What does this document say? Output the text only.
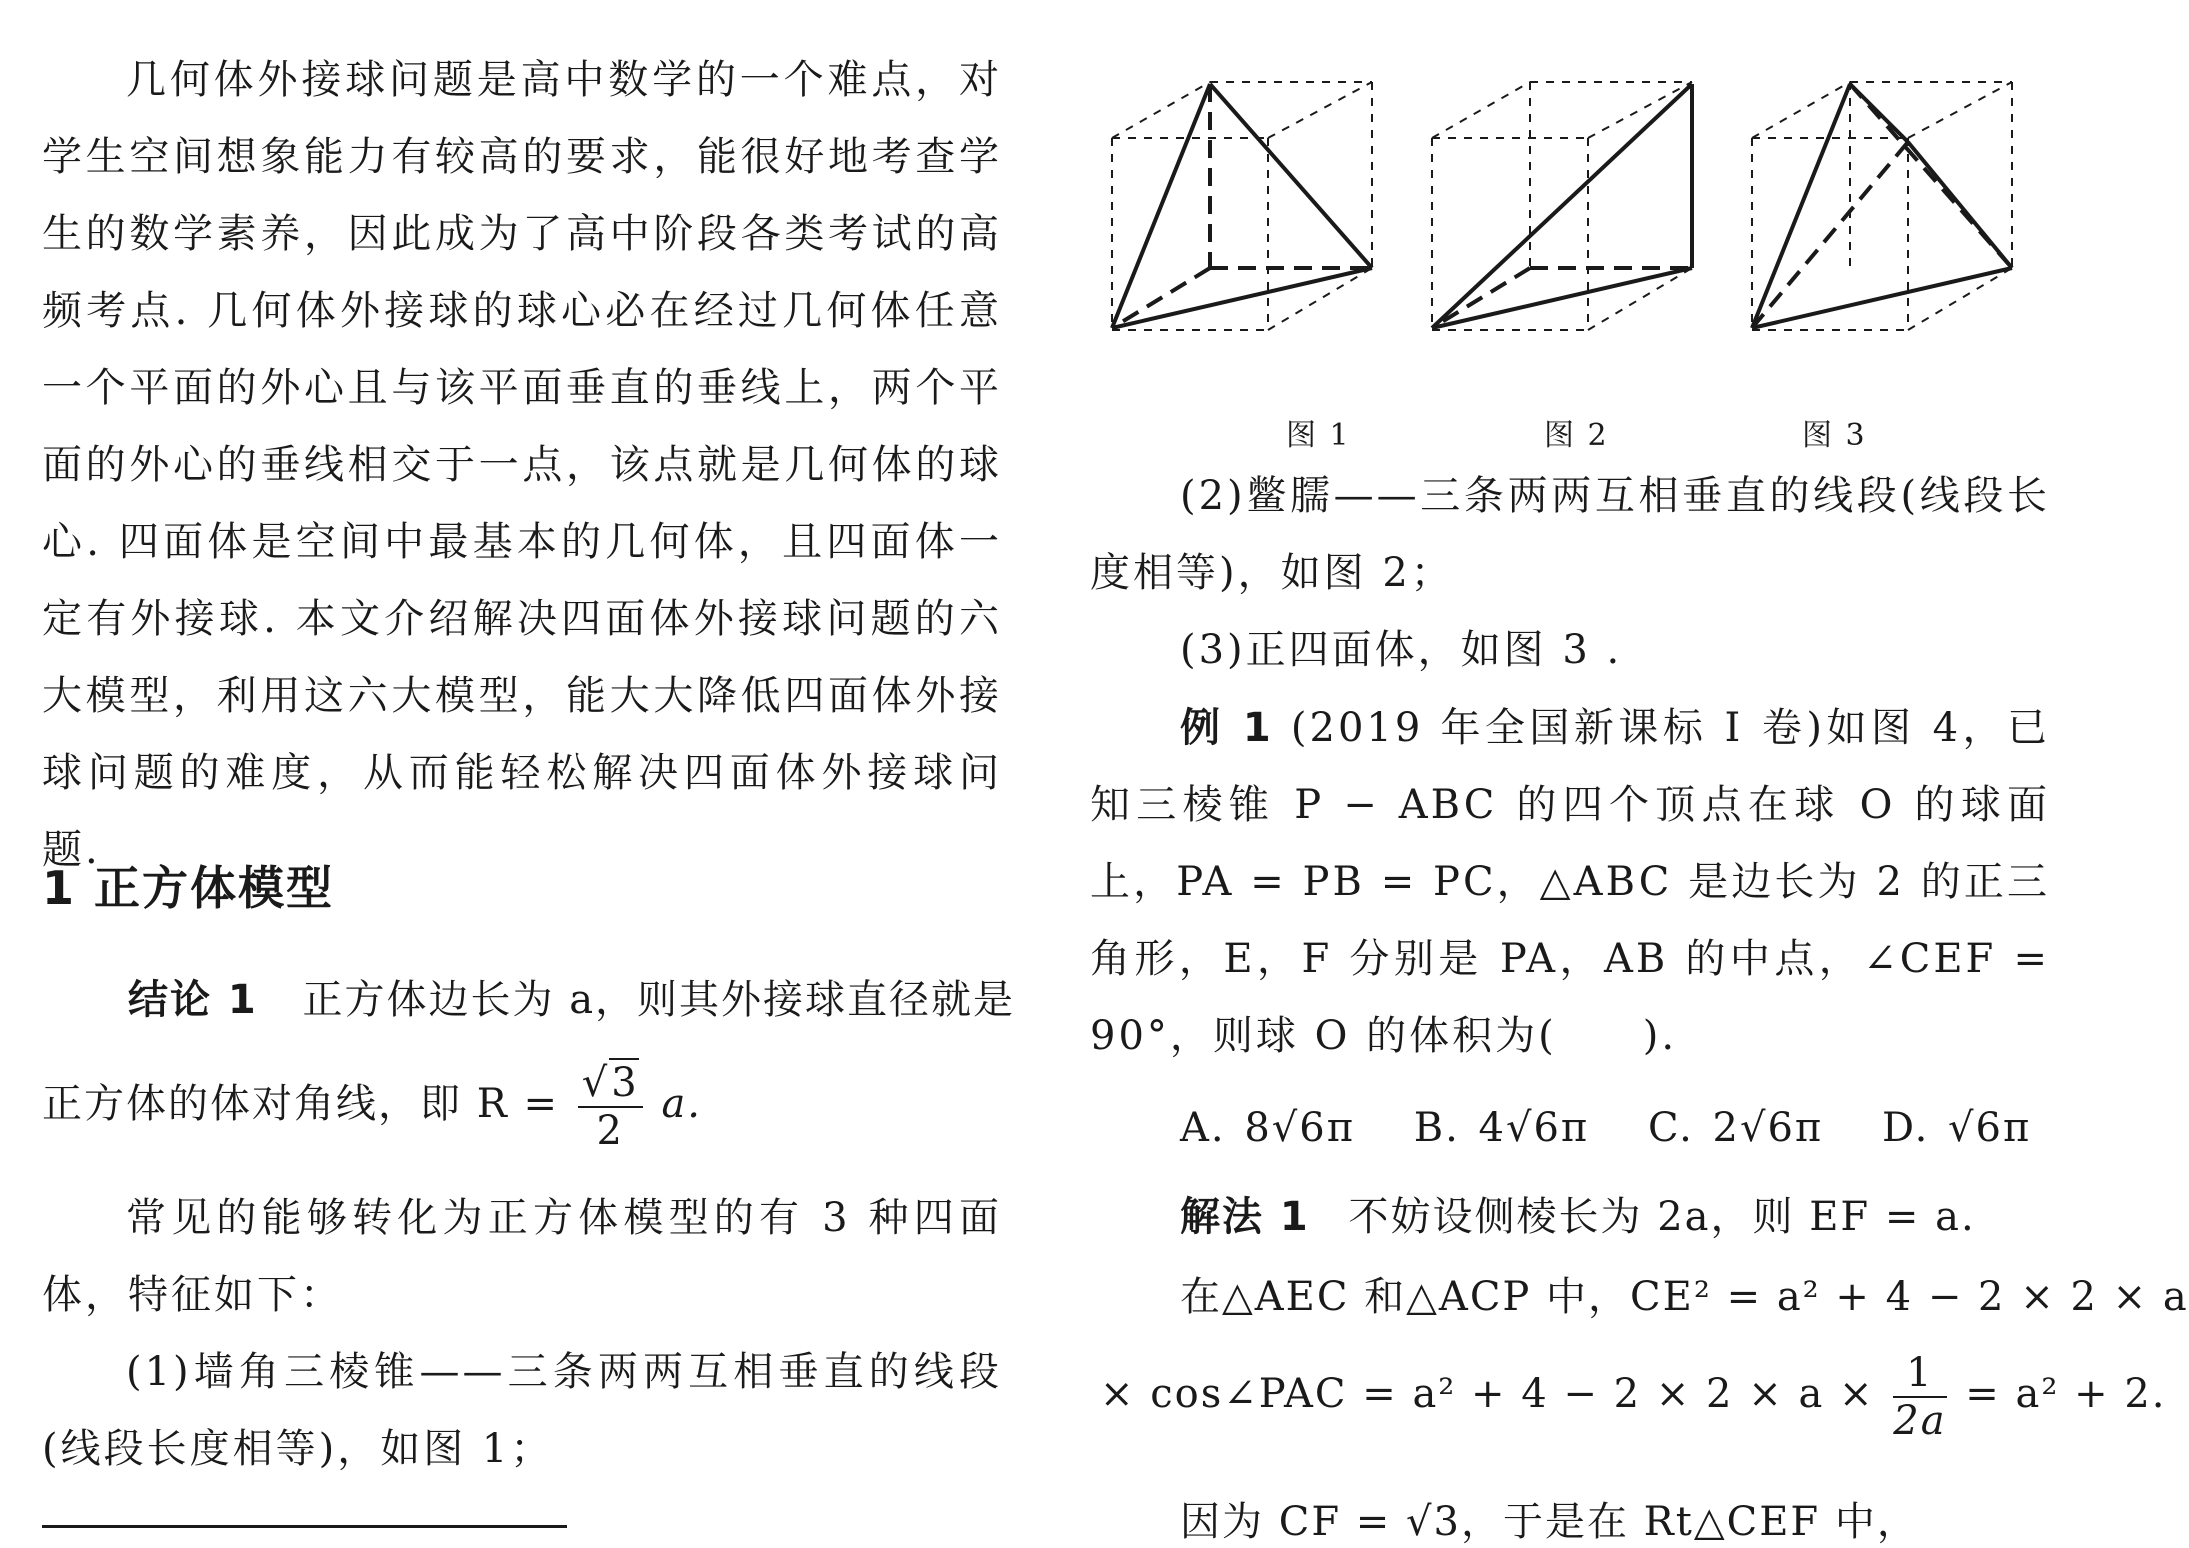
几何体外接球问题是高中数学的一个难点，对学生空间想象能力有较高的要求，能很好地考查学生的数学素养，因此成为了高中阶段各类考试的高频考点. 几何体外接球的球心必在经过几何体任意一个平面的外心且与该平面垂直的垂线上，两个平面的外心的垂线相交于一点，该点就是几何体的球心. 四面体是空间中最基本的几何体，且四面体一定有外接球. 本文介绍解决四面体外接球问题的六大模型，利用这六大模型，能大大降低四面体外接球问题的难度，从而能轻松解决四面体外接球问题.

1 正方体模型
结论 1 正方体边长为 a，则其外接球直径就是
正方体的体对角线，即 $R = \frac{√3}{2} a$.

常见的能够转化为正方体模型的有 3 种四面体，特征如下：

(1)墙角三棱锥——三条两两互相垂直的线段(线段长度相等)，如图 1；

图 1	图 2	图 3

(2)鳖臑——三条两两互相垂直的线段(线段长度相等)，如图 2；

(3)正四面体，如图 3 .

例 1 (2019 年全国新课标 Ⅰ 卷)如图 4，已知三棱锥 P − ABC 的四个顶点在球 O 的球面上，PA = PB = PC，△ABC 是边长为 2 的正三角形，E，F 分别是 PA，AB 的中点，∠CEF = 90°，则球 O 的体积为(　　).

A. 8√6π B. 4√6π C. 2√6π D. √6π
解法 1 不妨设侧棱长为 2a，则 EF = a.
在△AEC 和△ACP 中，CE² = a² + 4 − 2 × 2 × a
× cos∠PAC = $a^2 + 4 - 2 \times 2 \times a \times \frac{1}{2a} = a^2 + 2$.
因为 CF = √3，于是在 Rt△CEF 中，
